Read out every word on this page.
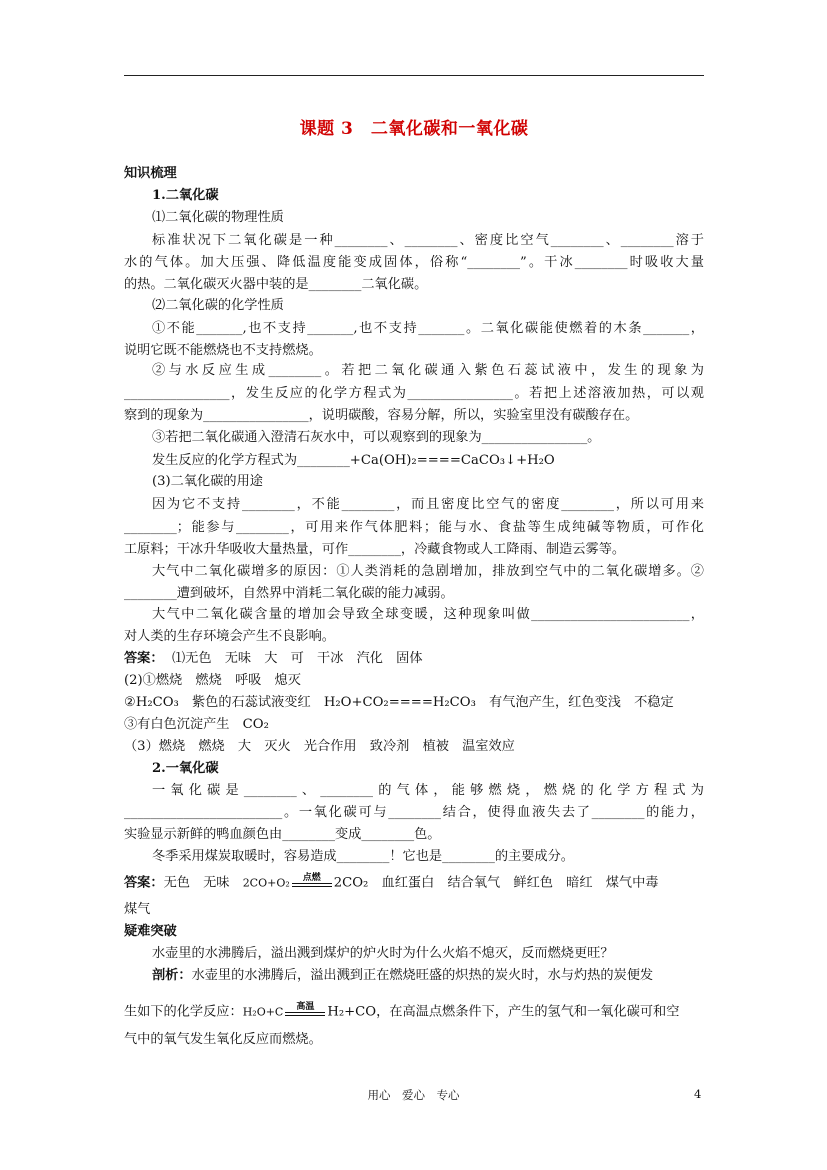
课题 3　二氧化碳和一氧化碳
知识梳理
1.二氧化碳
⑴二氧化碳的物理性质
标准状况下二氧化碳是一种________、________、密度比空气________、________溶于
水的气体。加大压强、降低温度能变成固体，俗称“________”。干冰________时吸收大量
的热。二氧化碳灭火器中装的是________二氧化碳。
⑵二氧化碳的化学性质
①不能_______,也不支持_______,也不支持_______。二氧化碳能使燃着的木条_______，
说明它既不能燃烧也不支持燃烧。
②与水反应生成________。若把二氧化碳通入紫色石蕊试液中，发生的现象为
________________，发生反应的化学方程式为________________。若把上述溶液加热，可以观
察到的现象为________________，说明碳酸，容易分解，所以，实验室里没有碳酸存在。
③若把二氧化碳通入澄清石灰水中，可以观察到的现象为________________。
发生反应的化学方程式为________+Ca(OH)₂====CaCO₃↓+H₂O
(3)二氧化碳的用途
因为它不支持________，不能________，而且密度比空气的密度________，所以可用来
________；能参与________，可用来作气体肥料；能与水、食盐等生成纯碱等物质，可作化
工原料；干冰升华吸收大量热量，可作________，冷藏食物或人工降雨、制造云雾等。
大气中二氧化碳增多的原因：①人类消耗的急剧增加，排放到空气中的二氧化碳增多。②
________遭到破坏，自然界中消耗二氧化碳的能力减弱。
大气中二氧化碳含量的增加会导致全球变暖，这种现象叫做________________________，
对人类的生存环境会产生不良影响。
答案： ⑴无色　无味　大　可　干冰　汽化　固体
(2)①燃烧　燃烧　呼吸　熄灭
②H₂CO₃　紫色的石蕊试液变红　H₂O+CO₂====H₂CO₃　有气泡产生，红色变浅　不稳定
③有白色沉淀产生　CO₂
（3）燃烧　燃烧　大　灭火　光合作用　致冷剂　植被　温室效应
2.一氧化碳
一氧化碳是________、________的气体，能够燃烧，燃烧的化学方程式为
________________________。一氧化碳可与________结合，使得血液失去了________的能力，
实验显示新鲜的鸭血颜色由________变成________色。
冬季采用煤炭取暖时，容易造成________！它也是________的主要成分。
答案：无色　无味　2CO+O₂	点燃 2CO₂　血红蛋白　结合氧气　鲜红色　暗红　煤气中毒
煤气
疑难突破
水壶里的水沸腾后，溢出溅到煤炉的炉火时为什么火焰不熄灭，反而燃烧更旺？
剖析：水壶里的水沸腾后，溢出溅到正在燃烧旺盛的炽热的炭火时，水与灼热的炭便发
生如下的化学反应：H₂O+C	高温 H₂+CO，在高温点燃条件下，产生的氢气和一氧化碳可和空
气中的氧气发生氧化反应而燃烧。
用心　爱心　专心	4
